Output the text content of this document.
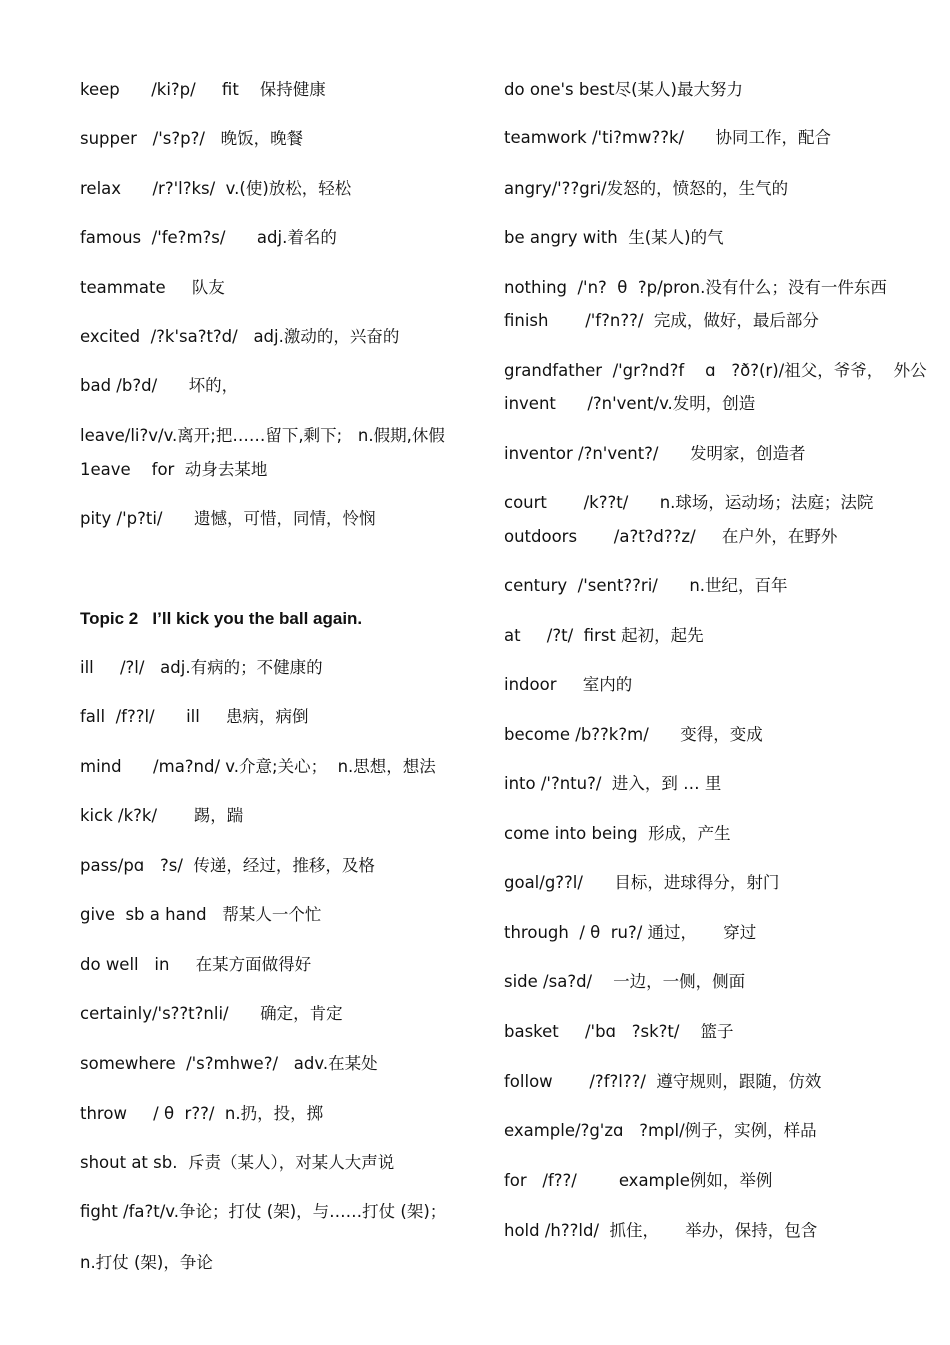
keep      /ki?p/     fit    保持健康
supper   /'s?p?/   晚饭，晚餐
relax      /r?'l?ks/  v.(使)放松，轻松
famous  /'fe?m?s/      adj.着名的
teammate     队友
excited  /?k'sa?t?d/   adj.激动的，兴奋的
bad /b?d/      坏的，
leave/li?v/v.离开;把……留下,剩下;   n.假期,休假
1eave    for  动身去某地
pity /'p?ti/      遗憾，可惜，同情，怜悯
Topic 2   I’ll kick you the ball again.
ill     /?l/   adj.有病的；不健康的
fall  /f??l/      ill     患病，病倒
mind      /ma?nd/ v.介意;关心；  n.思想，想法
kick /k?k/       踢，踹
pass/pɑ   ?s/  传递，经过，推移，及格
give  sb a hand   帮某人一个忙
do well   in     在某方面做得好
certainly/'s??t?nli/      确定，肯定
somewhere  /'s?mhwe?/   adv.在某处
throw     / θ  r??/  n.扔，投，掷
shout at sb.  斥责（某人），对某人大声说
fight /fa?t/v.争论；打仗 (架)，与……打仗 (架)；
n.打仗 (架)，争论
do one's best尽(某人)最大努力
teamwork /'ti?mw??k/      协同工作，配合
angry/'??gri/发怒的，愤怒的，生气的
be angry with  生(某人)的气
nothing  /'n?  θ  ?p/pron.没有什么；没有一件东西
finish       /'f?n??/  完成，做好，最后部分
grandfather  /'gr?nd?f    ɑ   ?ð?(r)/祖父，爷爷，  外公
invent      /?n'vent/v.发明，创造
inventor /?n'vent?/      发明家，创造者
court       /k??t/      n.球场，运动场；法庭；法院
outdoors       /a?t?d??z/     在户外，在野外
century  /'sent??ri/      n.世纪，百年
at     /?t/  first 起初，起先
indoor     室内的
become /b??k?m/      变得，变成
into /'?ntu?/  进入，到 … 里
come into being  形成，产生
goal/g??l/      目标，进球得分，射门
through  / θ  ru?/ 通过，     穿过
side /sa?d/    一边，一侧，侧面
basket     /'bɑ   ?sk?t/    篮子
follow       /?f?l??/  遵守规则，跟随，仿效
example/?g'zɑ   ?mpl/例子，实例，样品
for   /f??/        example例如，举例
hold /h??ld/  抓住，     举办，保持，包含
